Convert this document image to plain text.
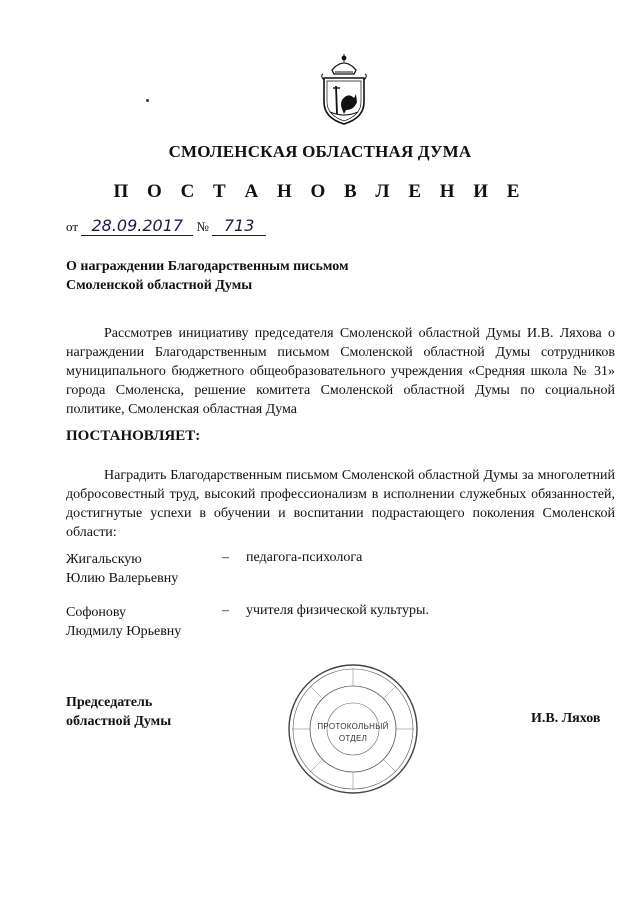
СМОЛЕНСКАЯ ОБЛАСТНАЯ ДУМА
П О С Т А Н О В Л Е Н И Е
от 28.09.2017 № 713
О награждении Благодарственным письмом
Смоленской областной Думы
Рассмотрев инициативу председателя Смоленской областной Думы И.В. Ляхова о награждении Благодарственным письмом Смоленской областной Думы сотрудников муниципального бюджетного общеобразовательного учреждения «Средняя школа № 31» города Смоленска, решение комитета Смоленской областной Думы по социальной политике, Смоленская областная Дума
ПОСТАНОВЛЯЕТ:
Наградить Благодарственным письмом Смоленской областной Думы за многолетний добросовестный труд, высокий профессионализм в исполнении служебных обязанностей, достигнутые успехи в обучении и воспитании подрастающего поколения Смоленской области:
Жигальскую
Юлию Валерьевну
– педагога-психолога
Софонову
Людмилу Юрьевну
– учителя физической культуры.
Председатель
областной Думы	ПРОТОКОЛЬНЫЙ
ОТДЕЛ
И.В. Ляхов
